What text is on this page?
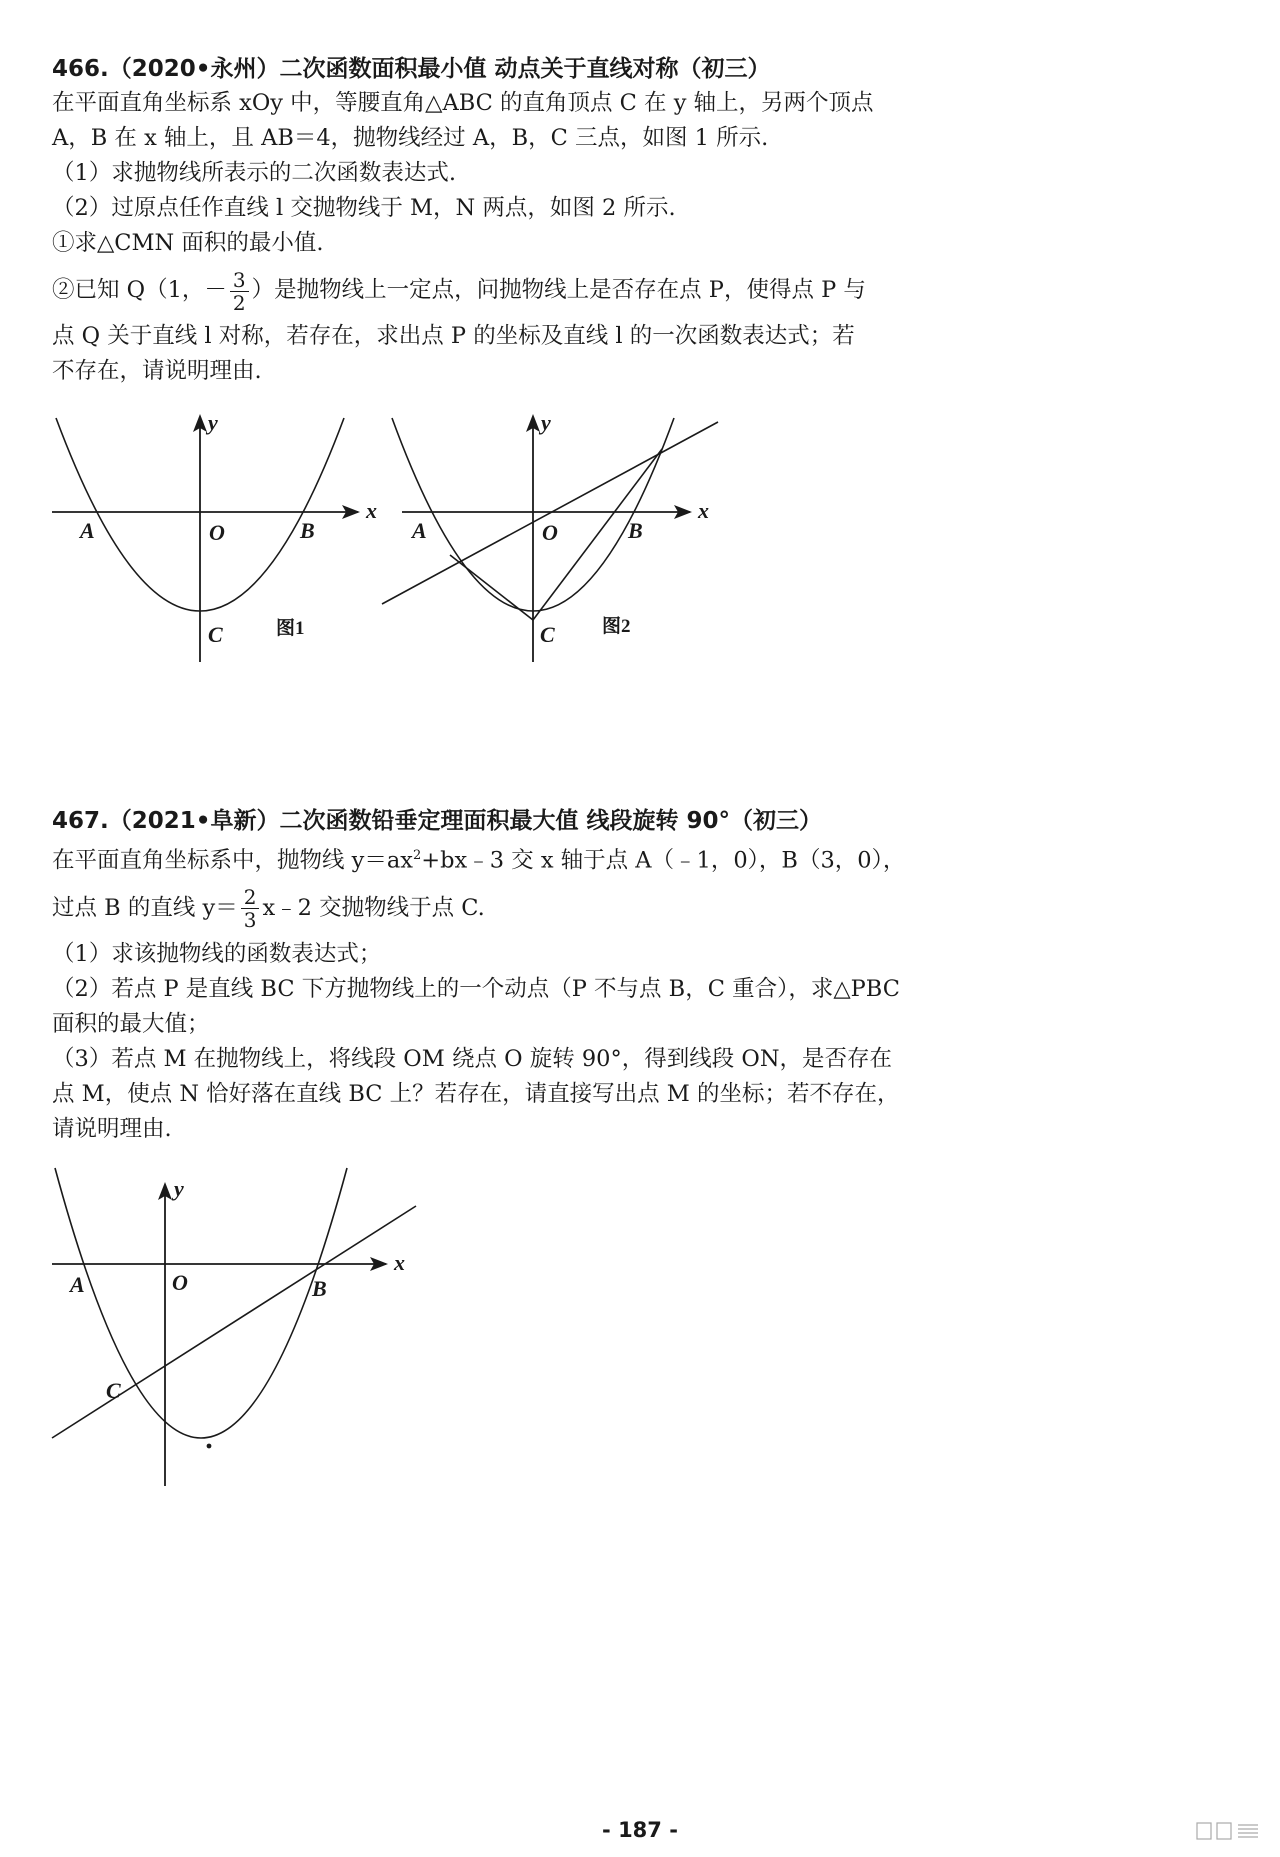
466.（2020•永州）二次函数面积最小值 动点关于直线对称（初三）

在平面直角坐标系 xOy 中，等腰直角△ABC 的直角顶点 C 在 y 轴上，另两个顶点

A，B 在 x 轴上，且 AB＝4，抛物线经过 A，B，C 三点，如图 1 所示.

（1）求抛物线所表示的二次函数表达式.

（2）过原点任作直线 l 交抛物线于 M，N 两点，如图 2 所示.

①求△CMN 面积的最小值.

②已知 Q（1，－ $\frac{3}{2}$ ）是抛物线上一定点，问抛物线上是否存在点 P，使得点 P 与

点 Q 关于直线 l 对称，若存在，求出点 P 的坐标及直线 l 的一次函数表达式；若

不存在，请说明理由.

A	O	B
C
x
y
图1
A	O	B
C
x
y
图2

467.（2021•阜新）二次函数铅垂定理面积最大值 线段旋转 90°（初三）

在平面直角坐标系中，抛物线 $y=ax^2+bx﹣3$ 交 x 轴于点 A（﹣1，0），B（3，0），

过点 B 的直线 $y= \frac{2}{3}$ x﹣2 交抛物线于点 C.

（1）求该抛物线的函数表达式；

（2）若点 P 是直线 BC 下方抛物线上的一个动点（P 不与点 B，C 重合），求△PBC

面积的最大值；

（3）若点 M 在抛物线上，将线段 OM 绕点 O 旋转 90°，得到线段 ON，是否存在

点 M，使点 N 恰好落在直线 BC 上？若存在，请直接写出点 M 的坐标；若不存在，

请说明理由.

A	O	B
C
x
y
- 187 -
